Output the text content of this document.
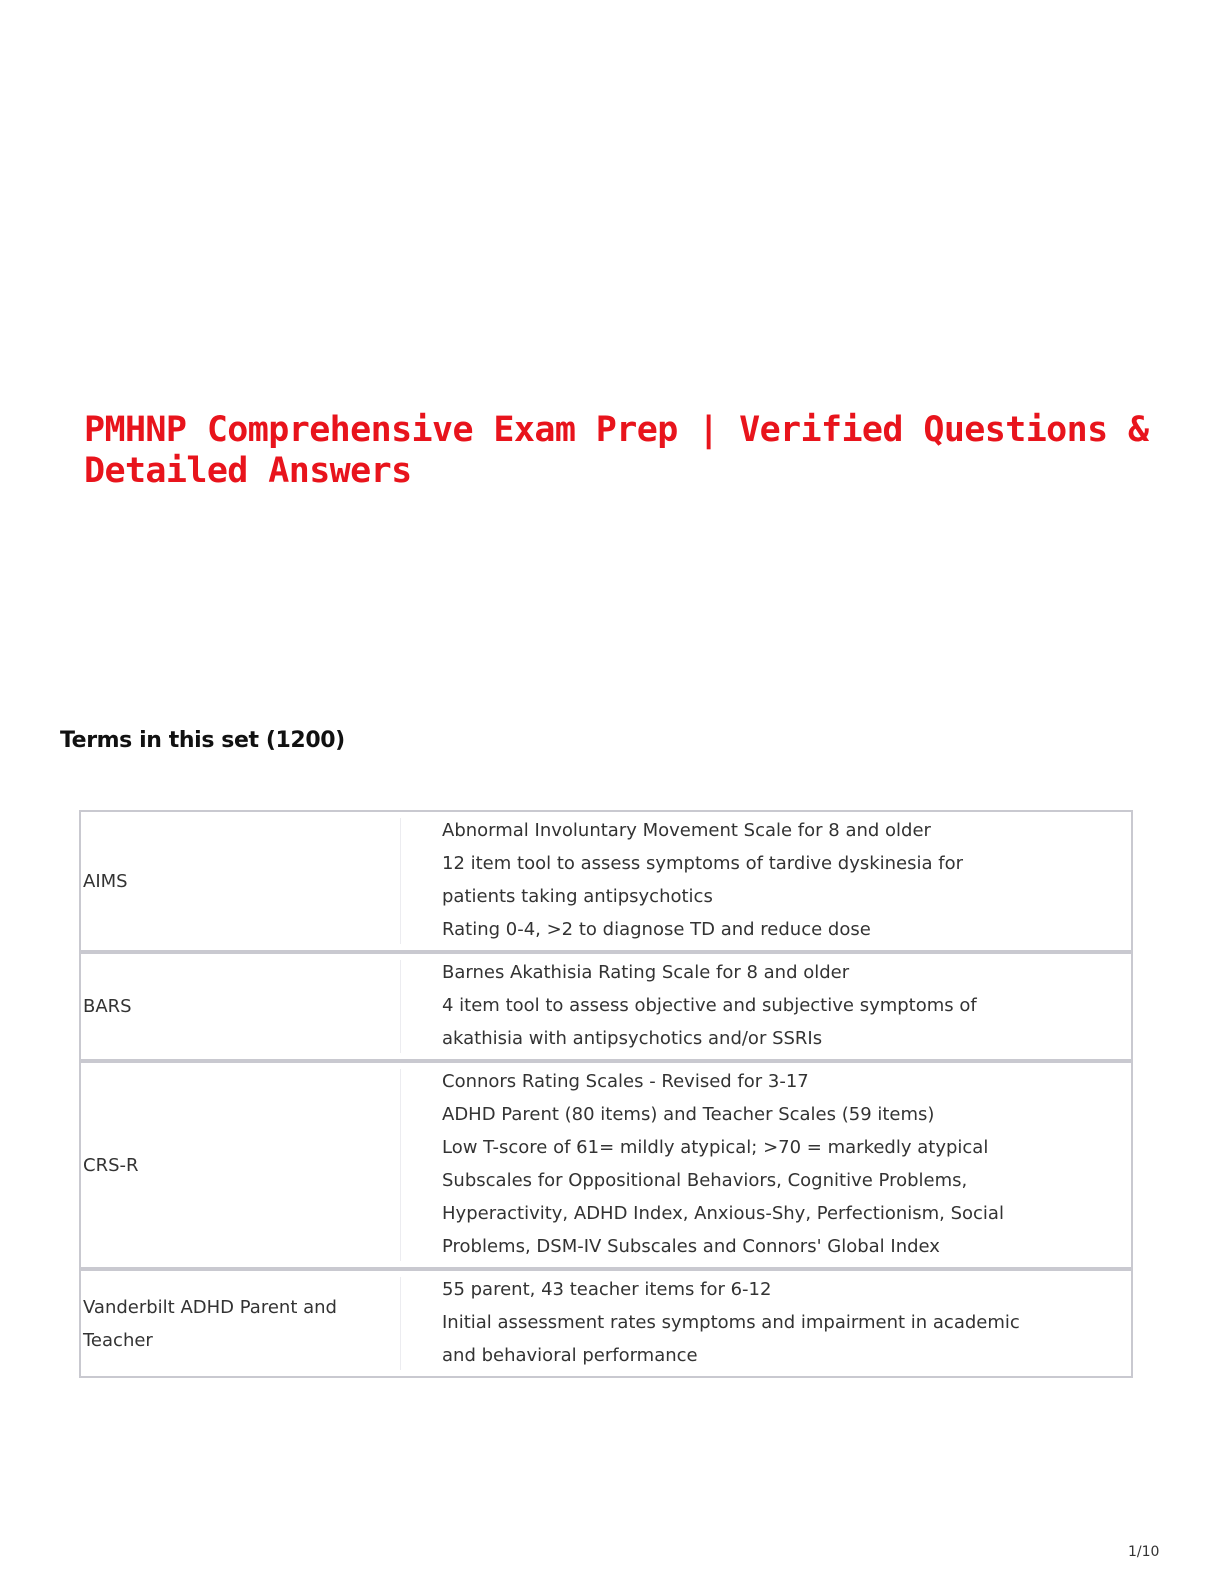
PMHNP Comprehensive Exam Prep | Verified Questions & Detailed Answers
Terms in this set (1200)
AIMS
Abnormal Involuntary Movement Scale for 8 and older
12 item tool to assess symptoms of tardive dyskinesia for
patients taking antipsychotics
Rating 0-4, >2 to diagnose TD and reduce dose
BARS
Barnes Akathisia Rating Scale for 8 and older
4 item tool to assess objective and subjective symptoms of
akathisia with antipsychotics and/or SSRIs
CRS-R
Connors Rating Scales - Revised for 3-17
ADHD Parent (80 items) and Teacher Scales (59 items)
Low T-score of 61= mildly atypical; >70 = markedly atypical
Subscales for Oppositional Behaviors, Cognitive Problems,
Hyperactivity, ADHD Index, Anxious-Shy, Perfectionism, Social
Problems, DSM-IV Subscales and Connors' Global Index
Vanderbilt ADHD Parent and Teacher
55 parent, 43 teacher items for 6-12
Initial assessment rates symptoms and impairment in academic
and behavioral performance
1/10
